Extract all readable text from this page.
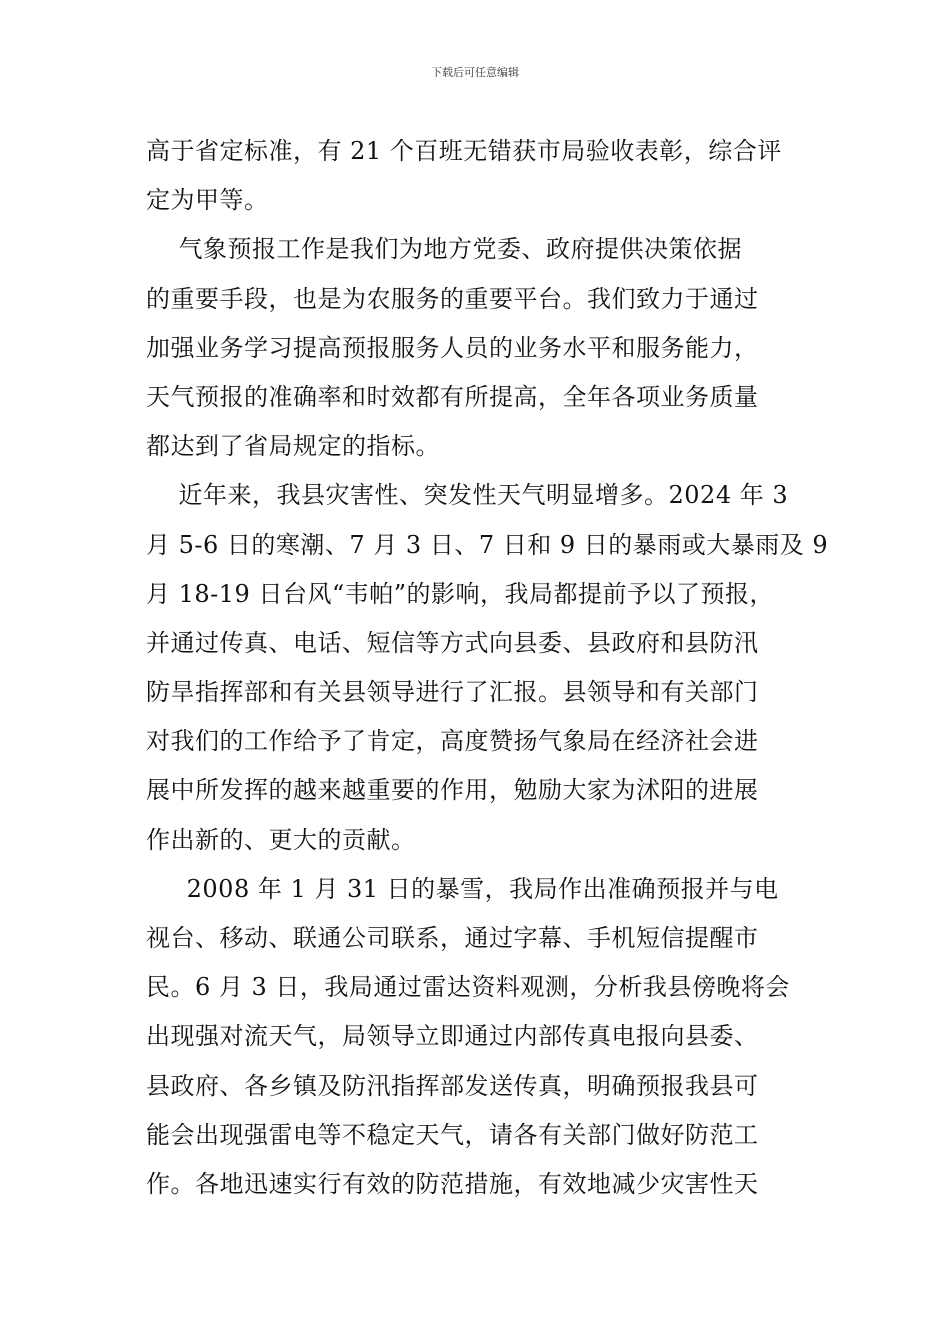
下载后可任意编辑
高于省定标准，有 21 个百班无错获市局验收表彰，综合评
定为甲等。
气象预报工作是我们为地方党委、政府提供决策依据
的重要手段，也是为农服务的重要平台。我们致力于通过
加强业务学习提高预报服务人员的业务水平和服务能力，
天气预报的准确率和时效都有所提高，全年各项业务质量
都达到了省局规定的指标。
近年来，我县灾害性、突发性天气明显增多。2024 年 3
月 5-6 日的寒潮、7 月 3 日、7 日和 9 日的暴雨或大暴雨及 9
月 18-19 日台风“韦帕”的影响，我局都提前予以了预报，
并通过传真、电话、短信等方式向县委、县政府和县防汛
防旱指挥部和有关县领导进行了汇报。县领导和有关部门
对我们的工作给予了肯定，高度赞扬气象局在经济社会进
展中所发挥的越来越重要的作用，勉励大家为沭阳的进展
作出新的、更大的贡献。
2008 年 1 月 31 日的暴雪，我局作出准确预报并与电
视台、移动、联通公司联系，通过字幕、手机短信提醒市
民。6 月 3 日，我局通过雷达资料观测，分析我县傍晚将会
出现强对流天气，局领导立即通过内部传真电报向县委、
县政府、各乡镇及防汛指挥部发送传真，明确预报我县可
能会出现强雷电等不稳定天气，请各有关部门做好防范工
作。各地迅速实行有效的防范措施，有效地减少灾害性天
